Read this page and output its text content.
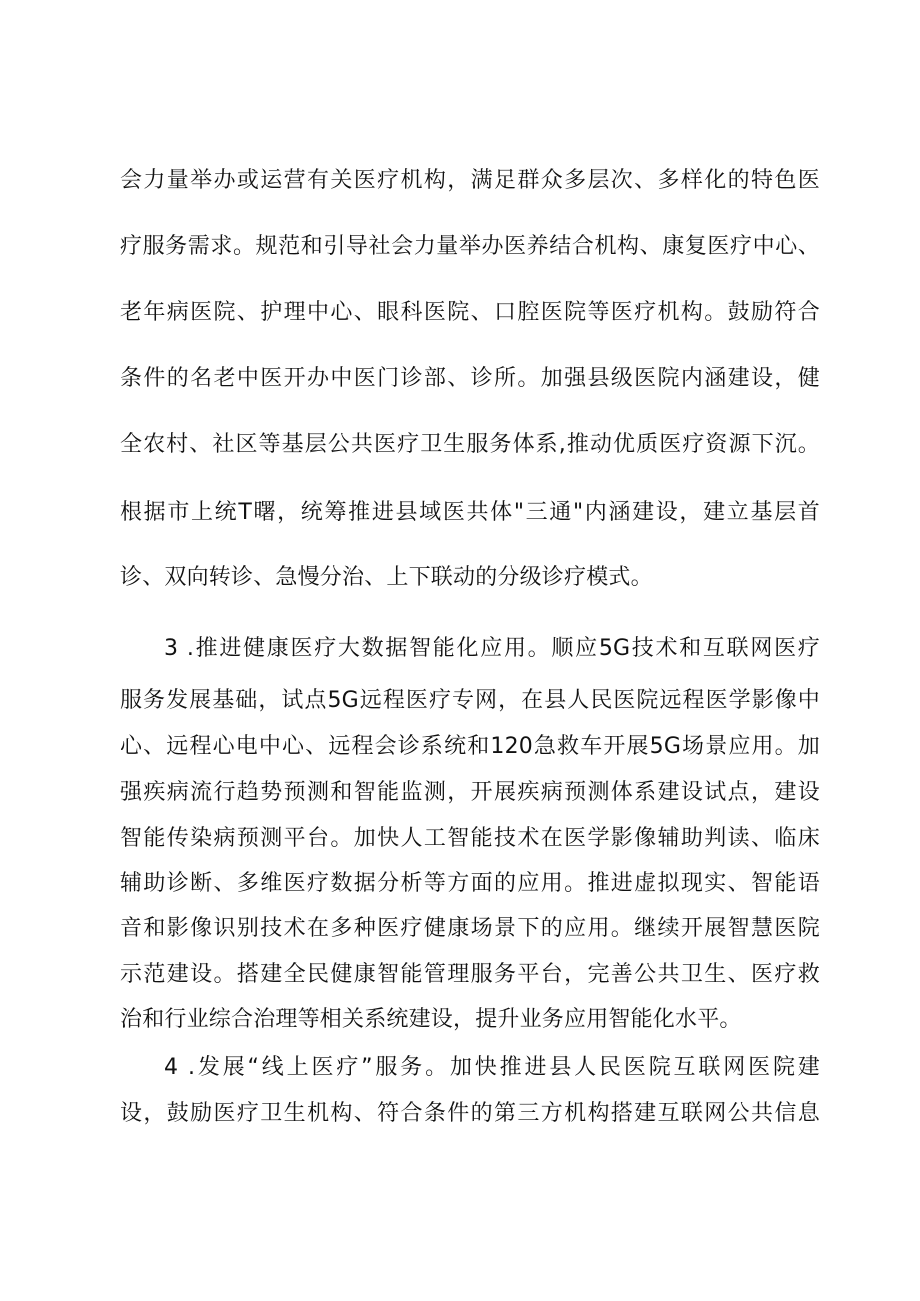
会力量举办或运营有关医疗机构，满足群众多层次、多样化的特色医
疗服务需求。规范和引导社会力量举办医养结合机构、康复医疗中心、
老年病医院、护理中心、眼科医院、口腔医院等医疗机构。鼓励符合
条件的名老中医开办中医门诊部、诊所。加强县级医院内涵建设，健
全农村、社区等基层公共医疗卫生服务体系,推动优质医疗资源下沉。
根据市上统T曙，统筹推进县域医共体"三通"内涵建设，建立基层首
诊、双向转诊、急慢分治、上下联动的分级诊疗模式。
3 .推进健康医疗大数据智能化应用。顺应5G技术和互联网医疗
服务发展基础，试点5G远程医疗专网，在县人民医院远程医学影像中
心、远程心电中心、远程会诊系统和120急救车开展5G场景应用。加
强疾病流行趋势预测和智能监测，开展疾病预测体系建设试点，建设
智能传染病预测平台。加快人工智能技术在医学影像辅助判读、临床
辅助诊断、多维医疗数据分析等方面的应用。推进虚拟现实、智能语
音和影像识别技术在多种医疗健康场景下的应用。继续开展智慧医院
示范建设。搭建全民健康智能管理服务平台，完善公共卫生、医疗救
治和行业综合治理等相关系统建设，提升业务应用智能化水平。
4 .发展“线上医疗”服务。加快推进县人民医院互联网医院建
设，鼓励医疗卫生机构、符合条件的第三方机构搭建互联网公共信息
